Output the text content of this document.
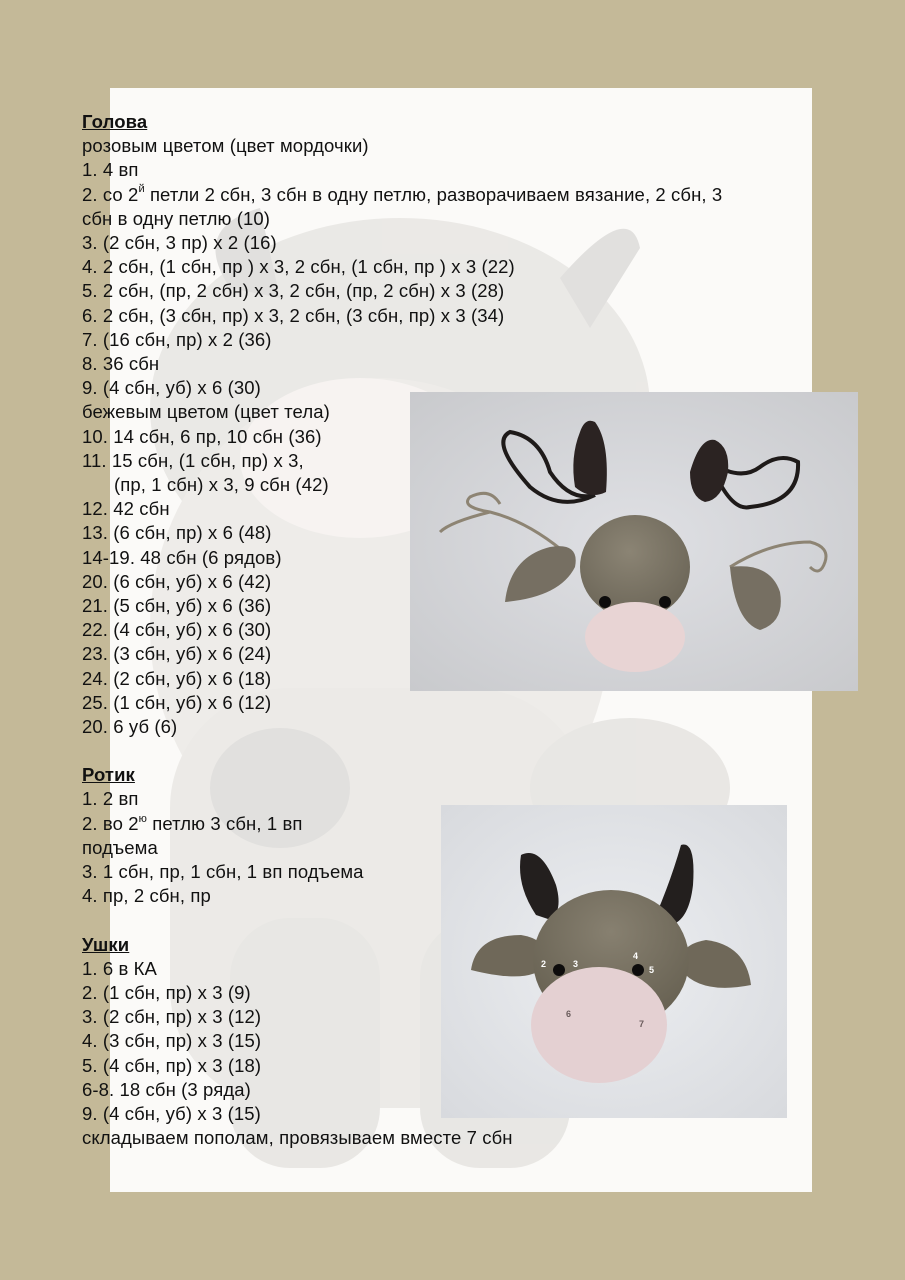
Голова
розовым цветом (цвет мордочки)
1. 4 вп
2. со $2^й$ петли 2 сбн, 3 сбн в одну петлю, разворачиваем вязание, 2 сбн, 3
сбн в одну петлю (10)
3. (2 сбн, 3 пр) х 2 (16)
4. 2 сбн, (1 сбн, пр ) х 3, 2 сбн, (1 сбн, пр ) х 3 (22)
5. 2 сбн, (пр, 2 сбн) х 3, 2 сбн, (пр, 2 сбн) х 3 (28)
6. 2 сбн, (3 сбн, пр) х 3, 2 сбн, (3 сбн, пр) х 3 (34)
7. (16 сбн, пр) х 2 (36)
8. 36 сбн
9. (4 сбн, уб) х 6 (30)
бежевым цветом (цвет тела)
10. 14 сбн, 6 пр, 10 сбн (36)
11. 15 сбн, (1 сбн, пр) х 3,
(пр, 1 сбн) х 3, 9 сбн (42)
12. 42 сбн
13. (6 сбн, пр) х 6 (48)
14-19. 48 сбн (6 рядов)
20. (6 сбн, уб) х 6 (42)
21. (5 сбн, уб) х 6 (36)
22. (4 сбн, уб) х 6 (30)
23. (3 сбн, уб) х 6 (24)
24. (2 сбн, уб) х 6 (18)
25. (1 сбн, уб) х 6 (12)
20. 6 уб (6)
Ротик
1. 2 вп
2. во $2^ю$ петлю 3 сбн, 1 вп
подъема
3. 1 сбн, пр, 1 сбн, 1 вп подъема
4. пр, 2 сбн, пр
Ушки
1. 6 в КА
2. (1 сбн, пр) х 3 (9)
3. (2 сбн, пр) х 3 (12)
4. (3 сбн, пр) х 3 (15)
5. (4 сбн, пр) х 3 (18)
6-8. 18 сбн (3 ряда)
9. (4 сбн, уб) х 3 (15)
складываем пополам, провязываем вместе 7 сбн
2	3
4
5
6
7
